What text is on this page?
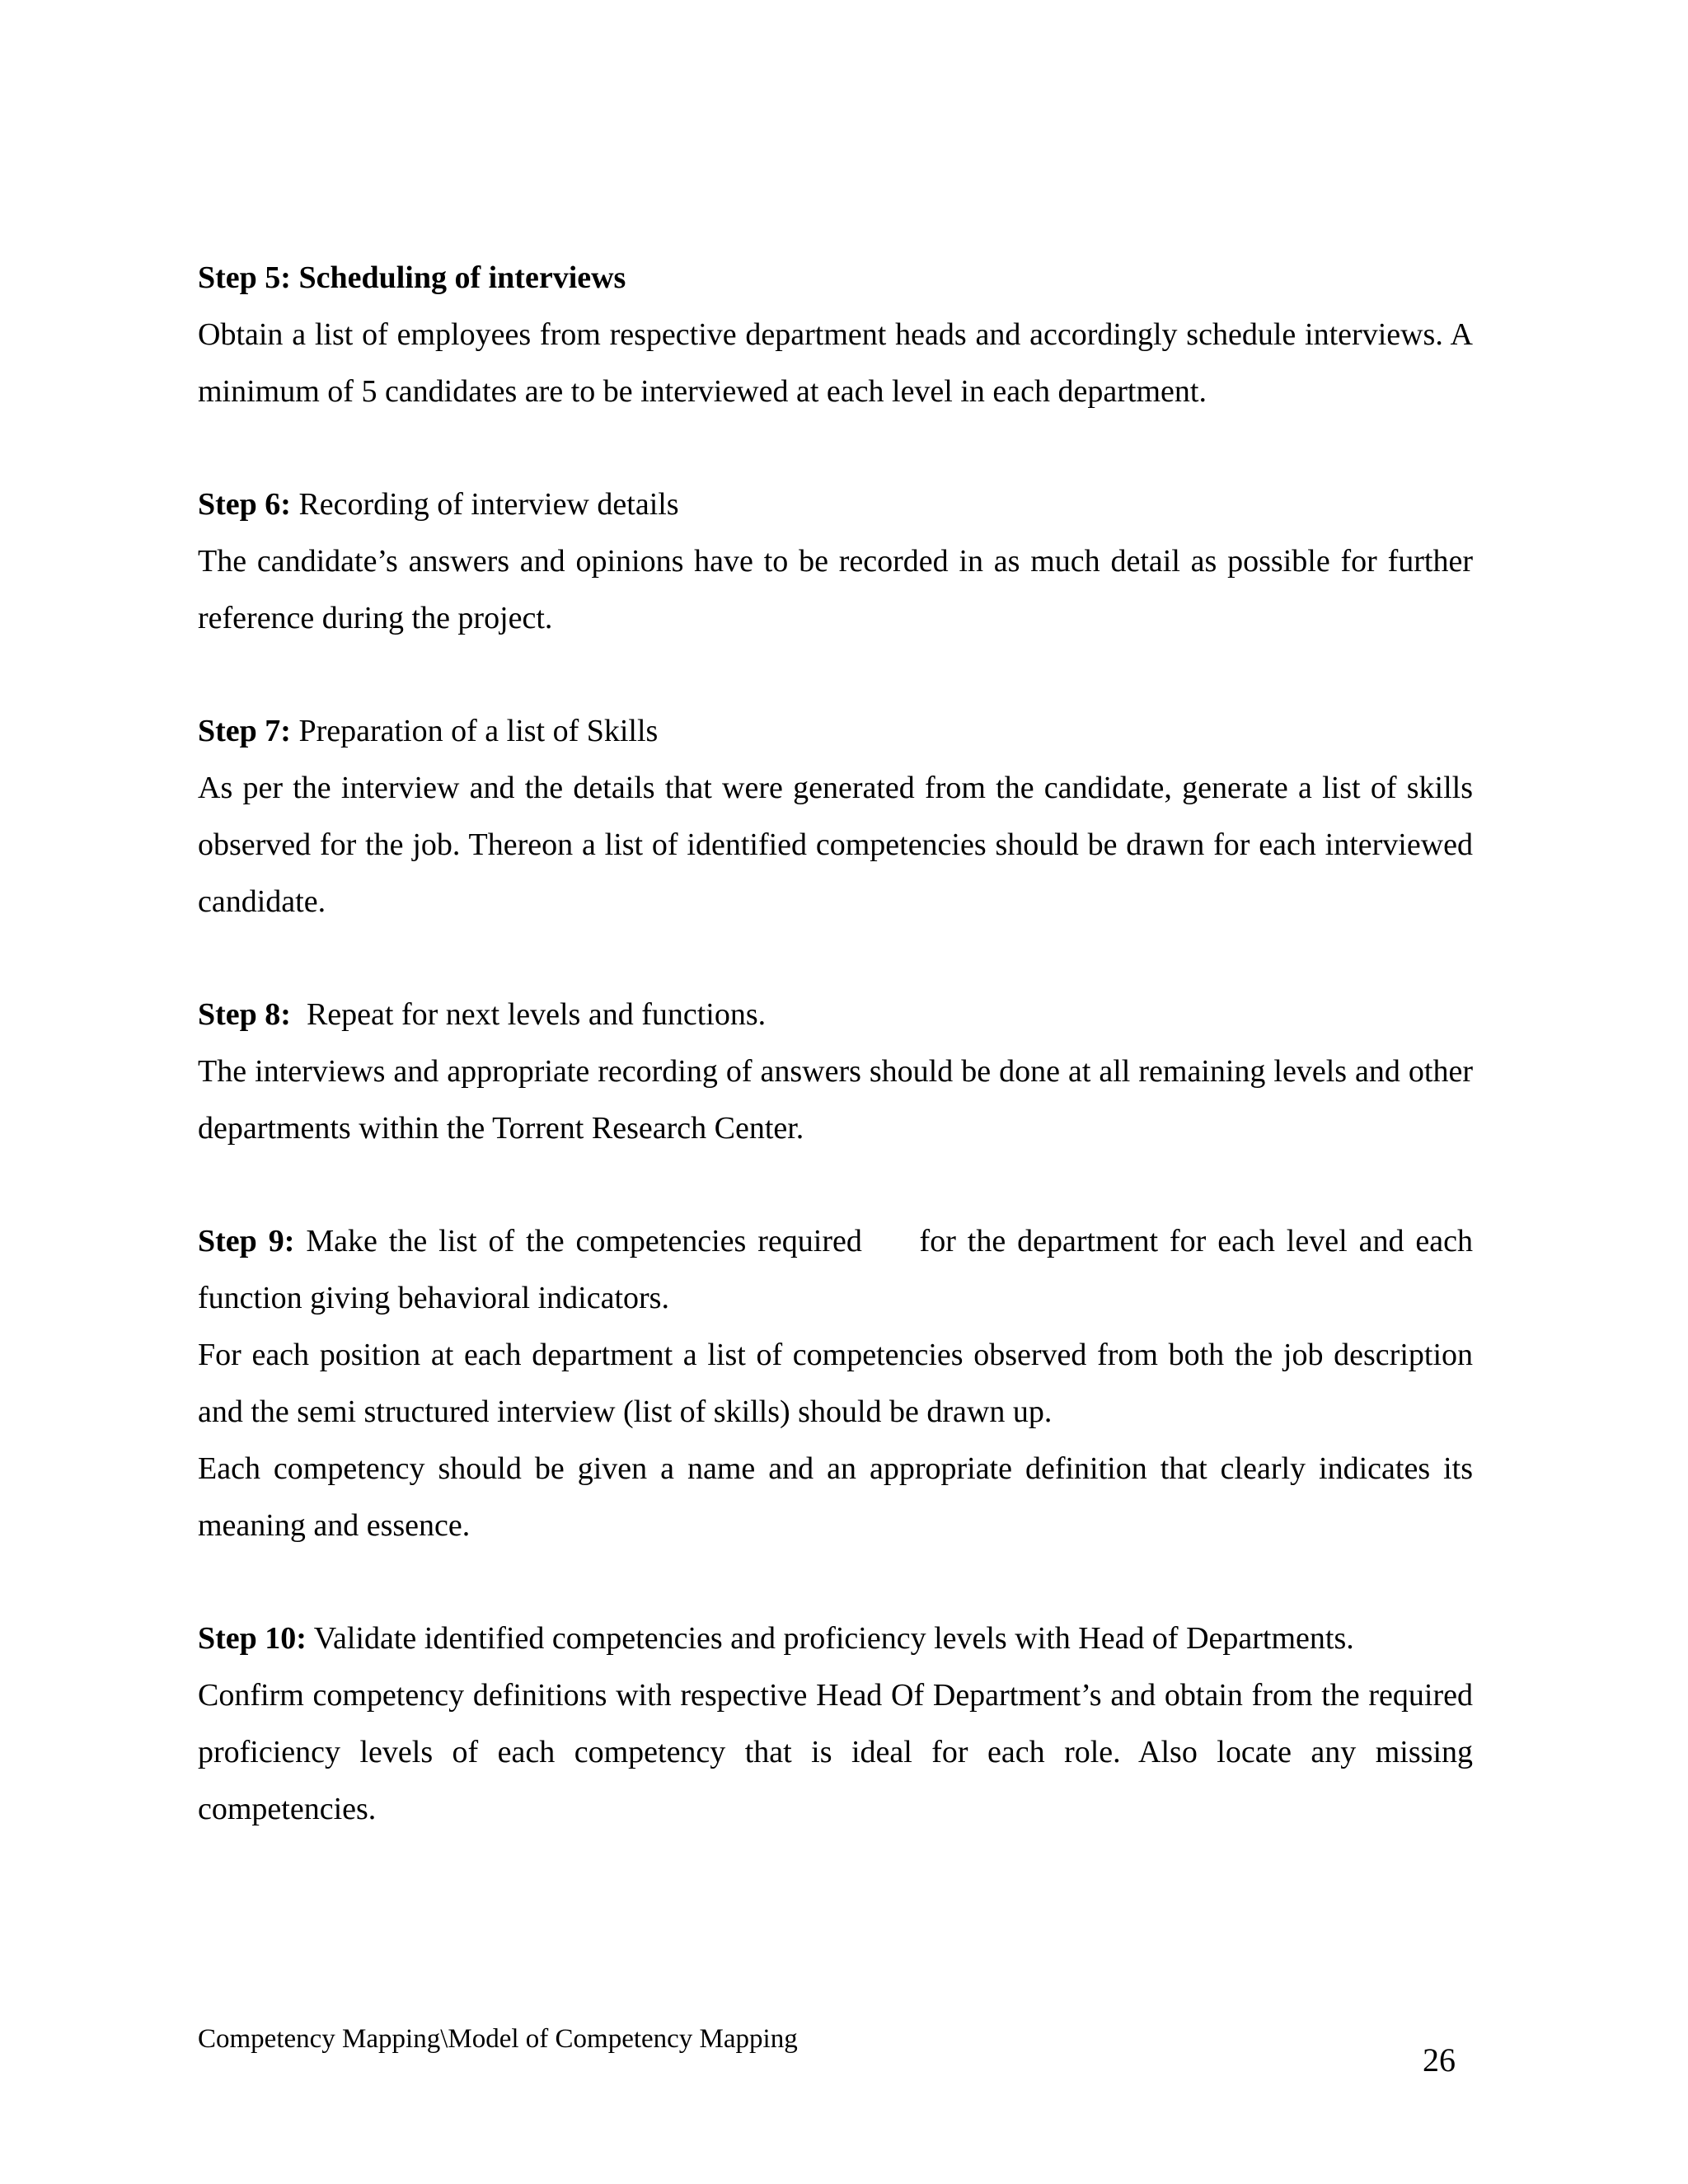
Step 5: Scheduling of interviews

Obtain a list of employees from respective department heads and accordingly schedule interviews. A minimum of 5 candidates are to be interviewed at each level in each department.

Step 6: Recording of interview details

The candidate’s answers and opinions have to be recorded in as much detail as possible for further reference during the project.

Step 7: Preparation of a list of Skills

As per the interview and the details that were generated from the candidate, generate a list of skills observed for the job. Thereon a list of identified competencies should be drawn for each interviewed candidate.

Step 8:  Repeat for next levels and functions.

The interviews and appropriate recording of answers should be done at all remaining levels and other departments within the Torrent Research Center.

Step 9: Make the list of the competencies required     for the department for each level and each function giving behavioral indicators.

For each position at each department a list of competencies observed from both the job description and the semi structured interview (list of skills) should be drawn up.

Each competency should be given a name and an appropriate definition that clearly indicates its meaning and essence.

Step 10: Validate identified competencies and proficiency levels with Head of Departments.

Confirm competency definitions with respective Head Of Department’s and obtain from the required proficiency levels of each competency that is ideal for each role. Also locate any missing competencies.

Competency Mapping\Model of Competency Mapping
26
